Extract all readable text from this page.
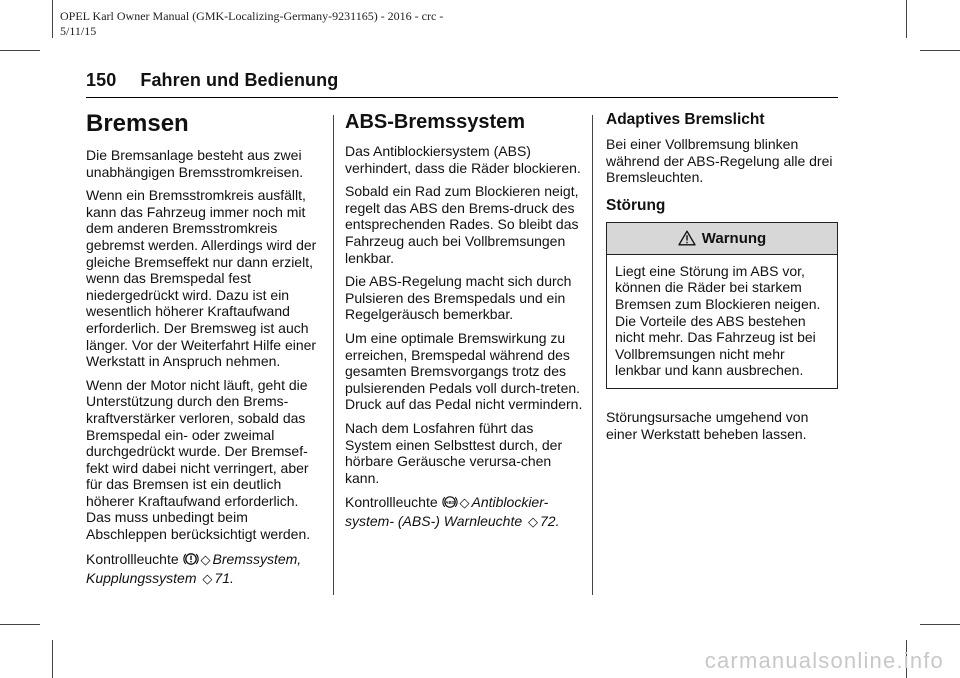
OPEL Karl Owner Manual (GMK-Localizing-Germany-9231165) - 2016 - crc -
5/11/15
150 Fahren und Bedienung
Bremsen

Die Bremsanlage besteht aus zwei unabhängigen Bremsstromkreisen.

Wenn ein Bremsstromkreis ausfällt, kann das Fahrzeug immer noch mit dem anderen Bremsstromkreis gebremst werden. Allerdings wird der gleiche Bremseffekt nur dann erzielt, wenn das Bremspedal fest niedergedrückt wird. Dazu ist ein wesentlich höherer Kraftaufwand erforderlich. Der Bremsweg ist auch länger. Vor der Weiterfahrt Hilfe einer Werkstatt in Anspruch nehmen.

Wenn der Motor nicht läuft, geht die Unterstützung durch den Brems-kraftverstärker verloren, sobald das Bremspedal ein- oder zweimal durchgedrückt wurde. Der Bremsef-fekt wird dabei nicht verringert, aber für das Bremsen ist ein deutlich höherer Kraftaufwand erforderlich. Das muss unbedingt beim Abschleppen berücksichtigt werden.

Kontrollleuchte ◇ Bremssystem, Kupplungssystem ◇ 71.

ABS-Bremssystem

Das Antiblockiersystem (ABS) verhindert, dass die Räder blockieren.

Sobald ein Rad zum Blockieren neigt, regelt das ABS den Brems-druck des entsprechenden Rades. So bleibt das Fahrzeug auch bei Vollbremsungen lenkbar.

Die ABS-Regelung macht sich durch Pulsieren des Bremspedals und ein Regelgeräusch bemerkbar.

Um eine optimale Bremswirkung zu erreichen, Bremspedal während des gesamten Bremsvorgangs trotz des pulsierenden Pedals voll durch-treten. Druck auf das Pedal nicht vermindern.

Nach dem Losfahren führt das System einen Selbsttest durch, der hörbare Geräusche verursa-chen kann.

Kontrollleuchte ABS ◇ Antiblockier-system- (ABS-) Warnleuchte ◇ 72.

Adaptives Bremslicht

Bei einer Vollbremsung blinken während der ABS-Regelung alle drei Bremsleuchten.

Störung
Warnung
Liegt eine Störung im ABS vor, können die Räder bei starkem Bremsen zum Blockieren neigen. Die Vorteile des ABS bestehen nicht mehr. Das Fahrzeug ist bei Vollbremsungen nicht mehr lenkbar und kann ausbrechen.

Störungsursache umgehend von einer Werkstatt beheben lassen.

carmanualsonline.info
